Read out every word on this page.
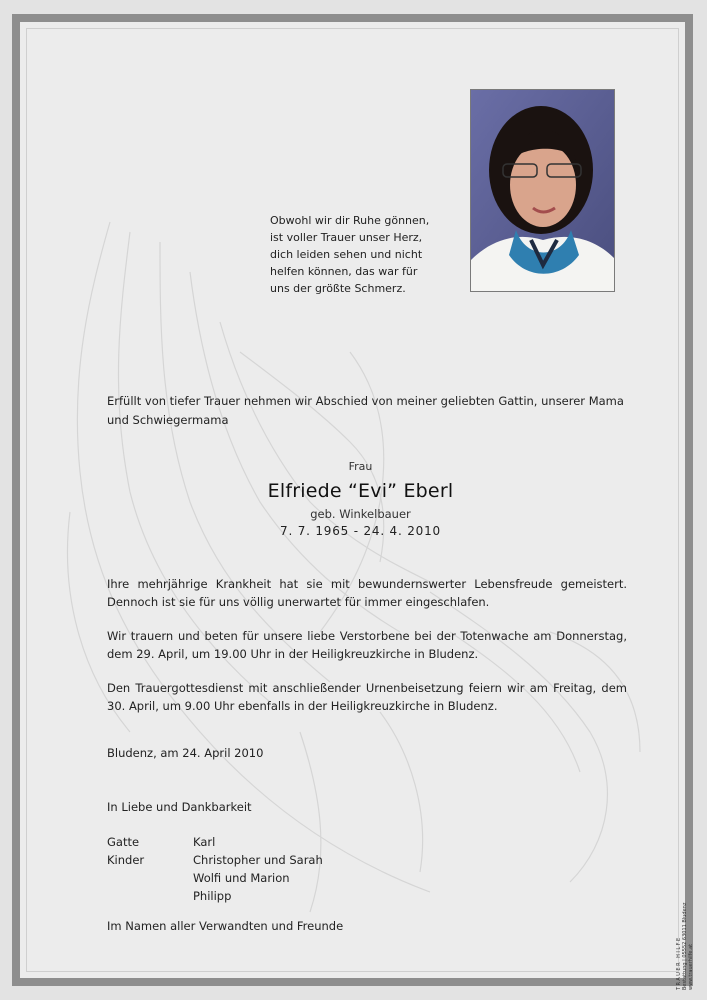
Obwohl wir dir Ruhe gönnen,
ist voller Trauer unser Herz,
dich leiden sehen und nicht
helfen können, das war für
uns der größte Schmerz.
Erfüllt von tiefer Trauer nehmen wir Abschied von meiner geliebten Gattin, unserer Mama und Schwiegermama
Frau
Elfriede “Evi” Eberl
geb. Winkelbauer
7. 7. 1965 - 24. 4. 2010
Ihre mehrjährige Krankheit hat sie mit bewundernswerter Lebensfreude gemeistert. Dennoch ist sie für uns völlig unerwartet für immer eingeschlafen.
Wir trauern und beten für unsere liebe Verstorbene bei der Totenwache am Donnerstag, dem 29. April, um 19.00 Uhr in der Heiligkreuzkirche in Bludenz.
Den Trauergottesdienst mit anschließender Urnenbeisetzung feiern wir am Freitag, dem 30. April, um 9.00 Uhr ebenfalls in der Heiligkreuzkirche in Bludenz.
Bludenz, am 24. April 2010
In Liebe und Dankbarkeit
Gatte	Karl
Kinder	Christopher und Sarah
Wolfi und Marion
Philipp
Im Namen aller Verwandten und Freunde
TRAUER HILFE Bestattung | 05552 63011 Bludenz www.trauerhilfe.at
